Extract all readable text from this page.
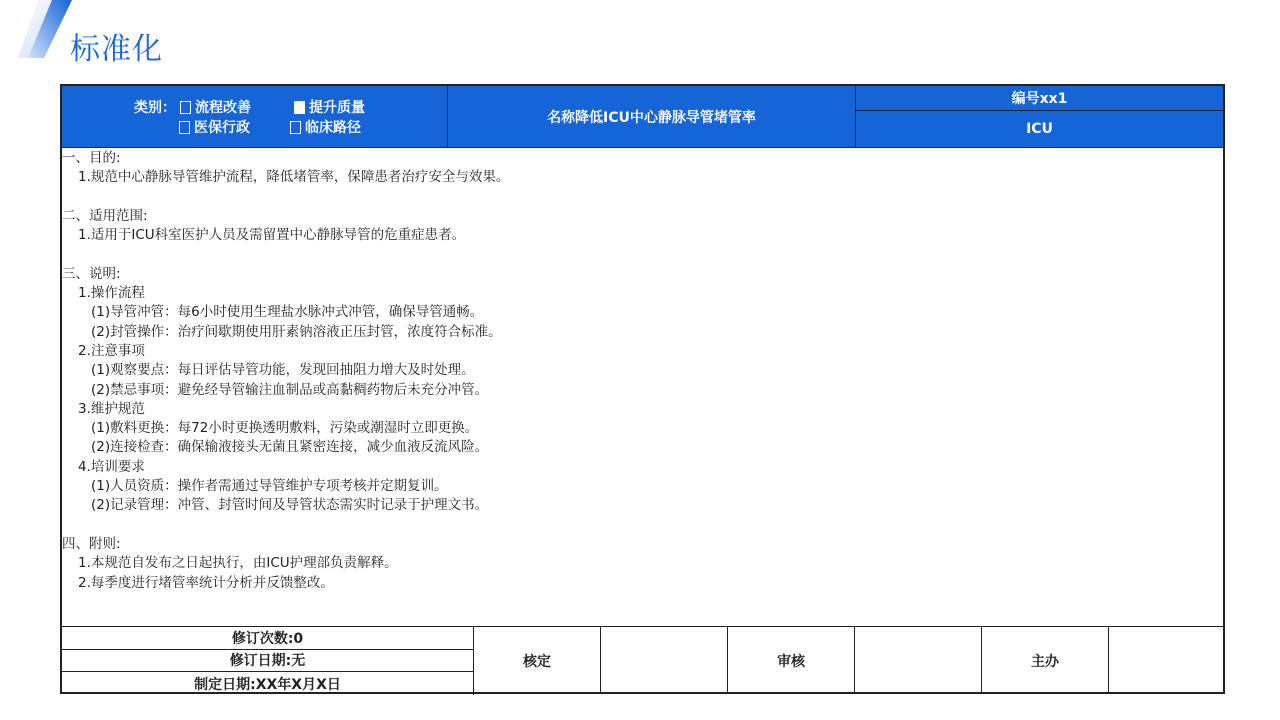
标准化
类别： 流程改善	提升质量
医保行政	临床路径
名称降低ICU中心静脉导管堵管率
编号xx1
ICU
一、目的:
1.规范中心静脉导管维护流程，降低堵管率，保障患者治疗安全与效果。
二、适用范围:
1.适用于ICU科室医护人员及需留置中心静脉导管的危重症患者。
三、说明:
1.操作流程
(1)导管冲管：每6小时使用生理盐水脉冲式冲管，确保导管通畅。
(2)封管操作：治疗间歇期使用肝素钠溶液正压封管，浓度符合标准。
2.注意事项
(1)观察要点：每日评估导管功能，发现回抽阻力增大及时处理。
(2)禁忌事项：避免经导管输注血制品或高黏稠药物后未充分冲管。
3.维护规范
(1)敷料更换：每72小时更换透明敷料，污染或潮湿时立即更换。
(2)连接检查：确保输液接头无菌且紧密连接，减少血液反流风险。
4.培训要求
(1)人员资质：操作者需通过导管维护专项考核并定期复训。
(2)记录管理：冲管、封管时间及导管状态需实时记录于护理文书。
四、附则:
1.本规范自发布之日起执行，由ICU护理部负责解释。
2.每季度进行堵管率统计分析并反馈整改。
修订次数:0
修订日期:无
制定日期:XX年X月X日
核定	审核	主办
